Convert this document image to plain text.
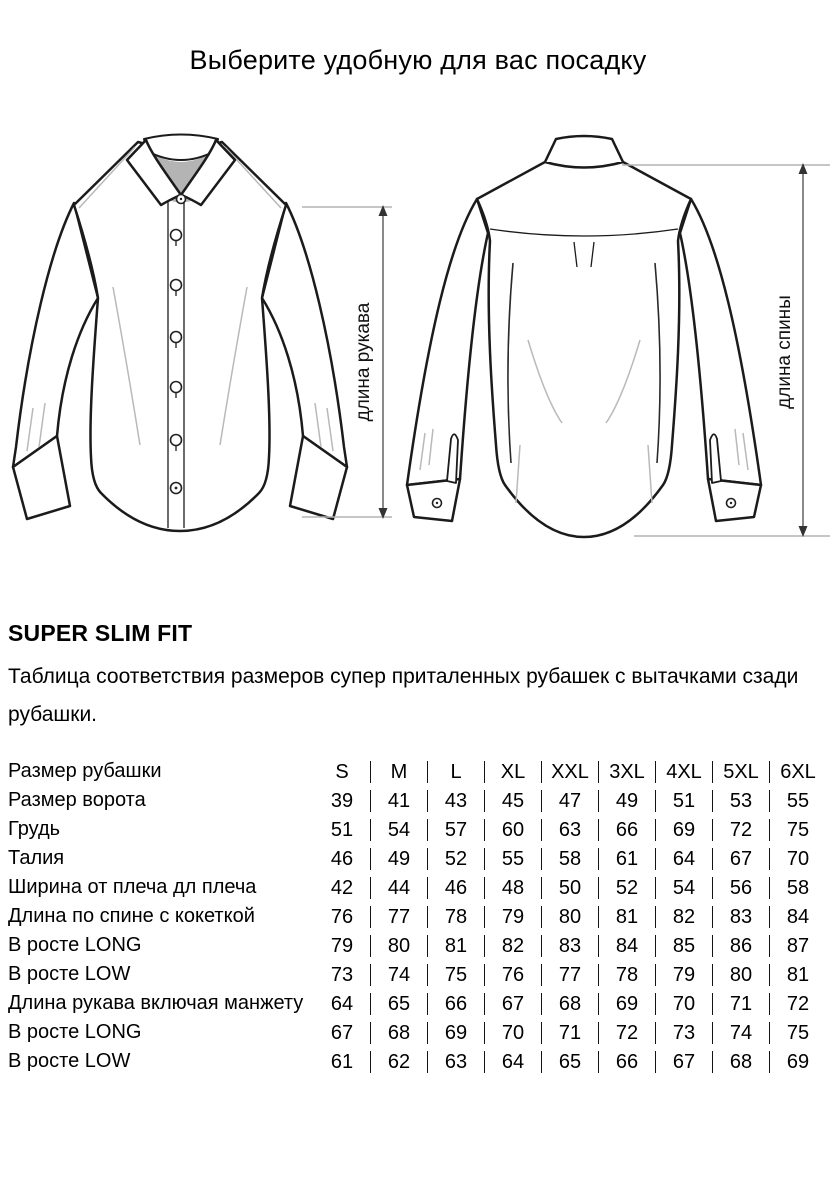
Выберите удобную для вас посадку
длина рукава	длина спины
SUPER SLIM FIT
Таблица соответствия размеров супер приталенных рубашек с вытачками сзади рубашки.
Размер рубашки	S	M	L	XL	XXL	3XL	4XL	5XL	6XL

Размер ворота	39	41	43	45	47	49	51	53	55

Грудь	51	54	57	60	63	66	69	72	75

Талия	46	49	52	55	58	61	64	67	70

Ширина от плеча дл плеча	42	44	46	48	50	52	54	56	58

Длина по спине с кокеткой	76	77	78	79	80	81	82	83	84

В росте LONG	79	80	81	82	83	84	85	86	87

В росте LOW	73	74	75	76	77	78	79	80	81

Длина рукава включая манжету	64	65	66	67	68	69	70	71	72

В росте LONG	67	68	69	70	71	72	73	74	75

В росте LOW	61	62	63	64	65	66	67	68	69
